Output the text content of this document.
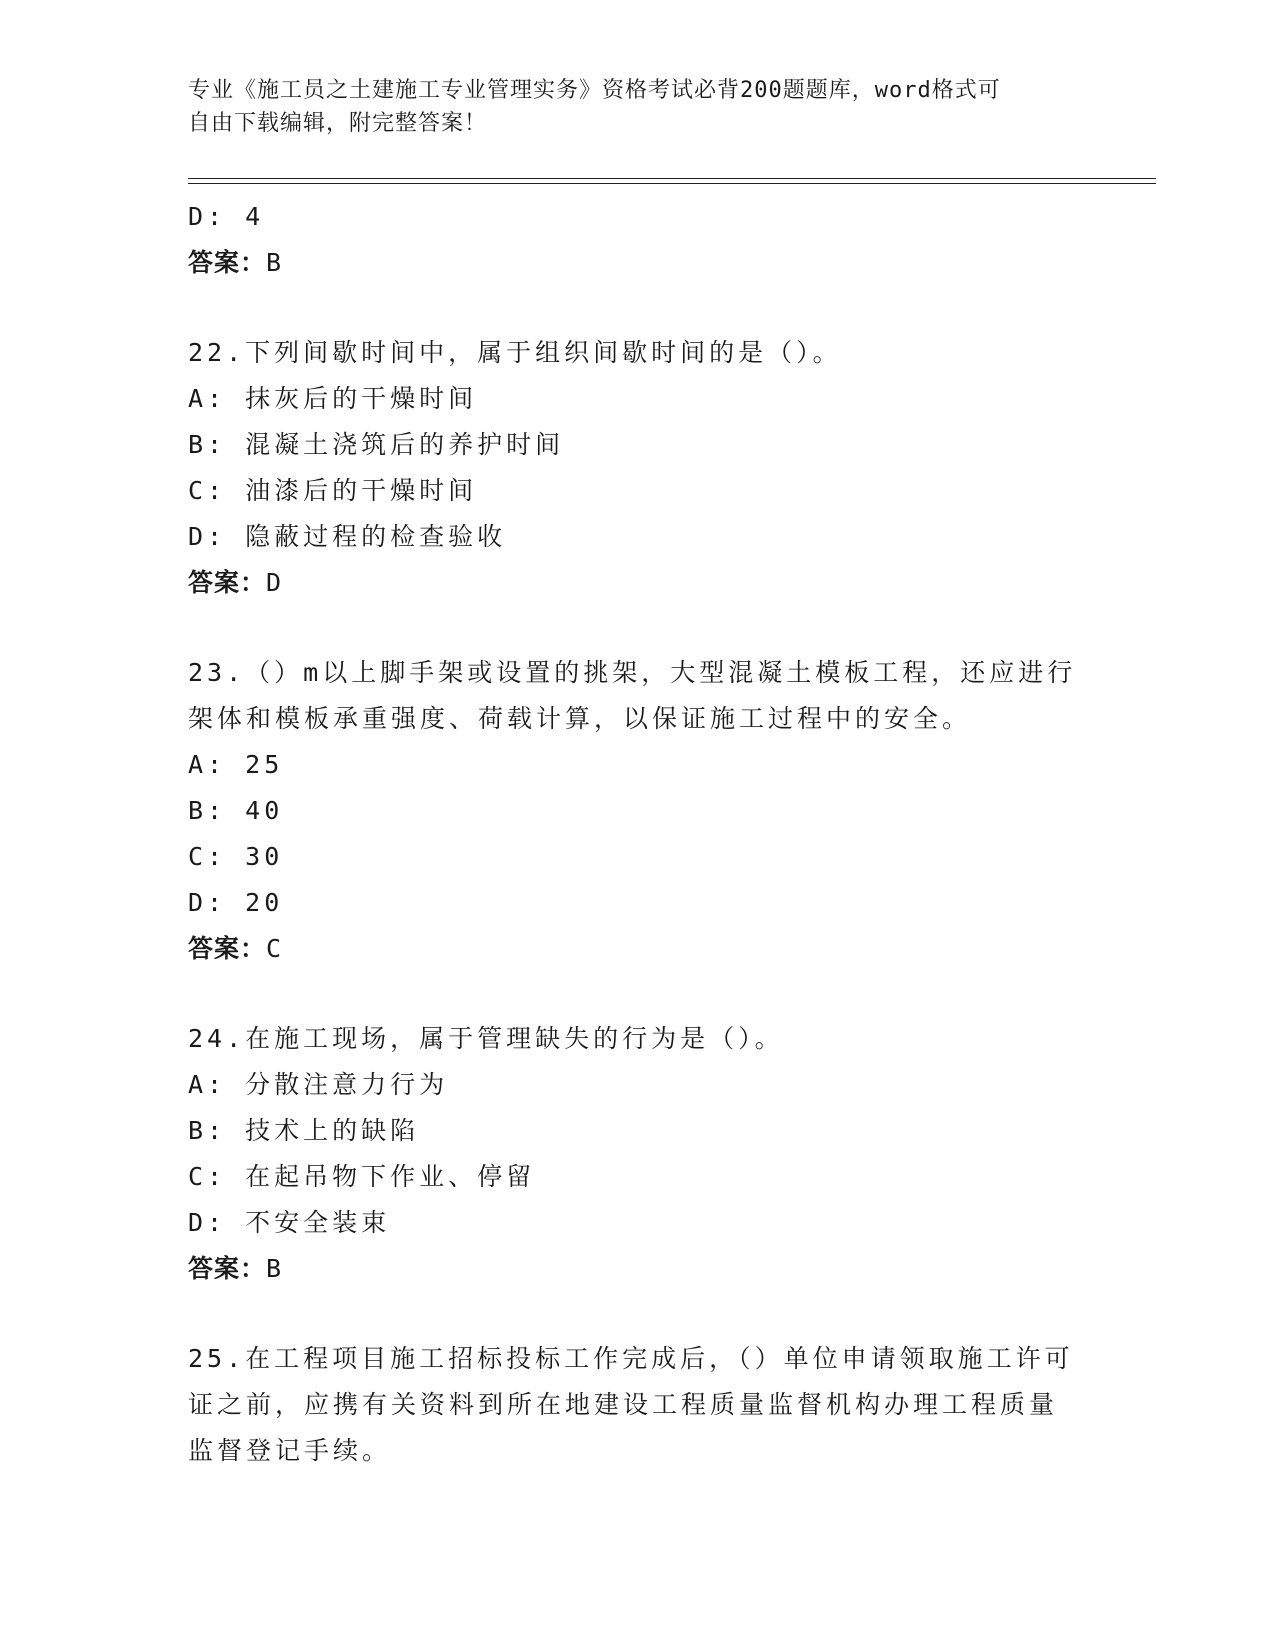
专业《施工员之土建施工专业管理实务》资格考试必背200题题库，word格式可
自由下载编辑，附完整答案！
D: 4
答案：B
22.下列间歇时间中，属于组织间歇时间的是（）。
A: 抹灰后的干燥时间
B: 混凝土浇筑后的养护时间
C: 油漆后的干燥时间
D: 隐蔽过程的检查验收
答案：D
23.（）m以上脚手架或设置的挑架，大型混凝土模板工程，还应进行
架体和模板承重强度、荷载计算，以保证施工过程中的安全。
A: 25
B: 40
C: 30
D: 20
答案：C
24.在施工现场，属于管理缺失的行为是（）。
A: 分散注意力行为
B: 技术上的缺陷
C: 在起吊物下作业、停留
D: 不安全装束
答案：B
25.在工程项目施工招标投标工作完成后，（）单位申请领取施工许可
证之前，应携有关资料到所在地建设工程质量监督机构办理工程质量
监督登记手续。
